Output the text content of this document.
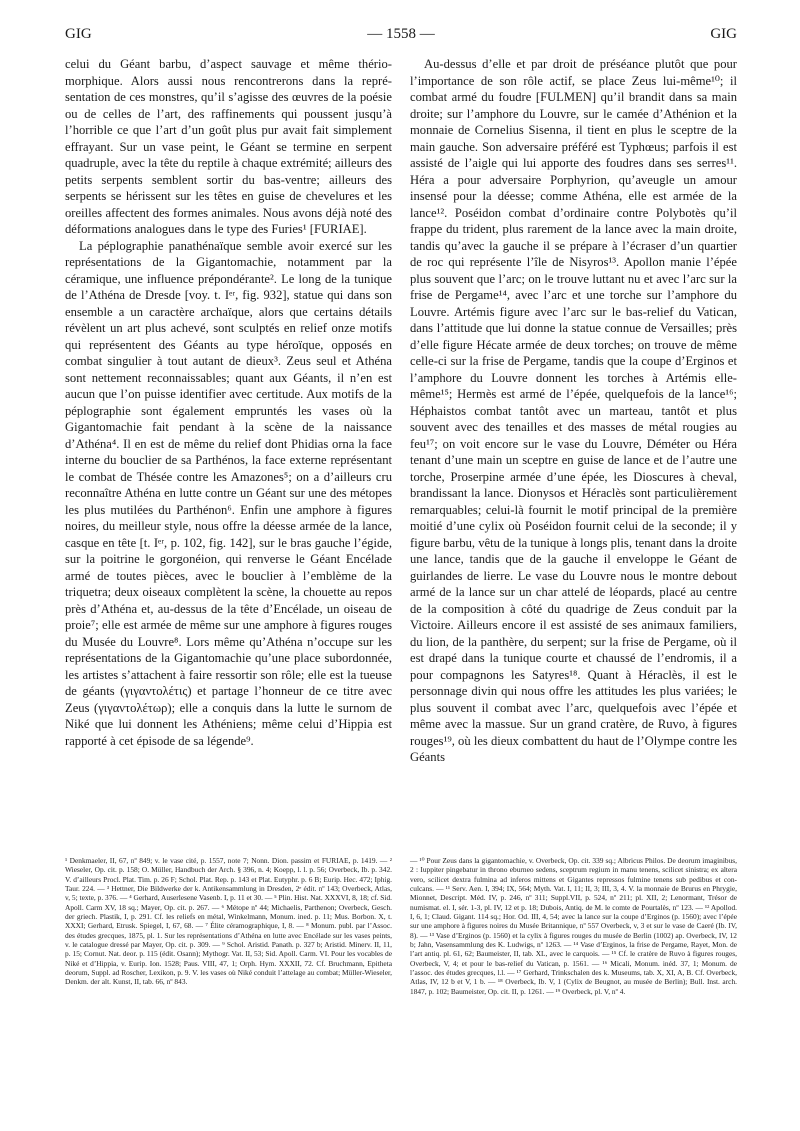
GIG	— 1558 —	GIG

celui du Géant barbu, d’aspect sauvage et même thériomorphique. Alors aussi nous rencontrerons dans la représentation de ces monstres, qu’il s’agisse des œuvres de la poésie ou de celles de l’art, des raffinements qui poussent jusqu’à l’horrible ce que l’art d’un goût plus pur avait fait simplement effrayant. Sur un vase peint, le Géant se termine en serpent quadruple, avec la tête du reptile à chaque extrémité; ailleurs des petits serpents semblent sortir du bas-ventre; ailleurs des serpents se hérissent sur les têtes en guise de chevelures et les oreilles affectent des formes animales. Nous avons déjà noté des déformations analogues dans le type des Furies¹ [FURIAE].

La péplographie panathénaïque semble avoir exercé sur les représentations de la Gigantomachie, notamment par la céramique, une influence prépondérante². Le long de la tunique de l’Athéna de Dresde [voy. t. Iᵉʳ, fig. 932], statue qui dans son ensemble a un caractère archaïque, alors que certains détails révèlent un art plus achevé, sont sculptés en relief onze motifs qui représentent des Géants au type héroïque, opposés en combat singulier à tout autant de dieux³. Zeus seul et Athéna sont nettement reconnaissables; quant aux Géants, il n’en est aucun que l’on puisse identifier avec certitude. Aux motifs de la péplographie sont également empruntés les vases où la Gigantomachie fait pendant à la scène de la naissance d’Athéna⁴. Il en est de même du relief dont Phidias orna la face interne du bouclier de sa Parthénos, la face externe représentant le combat de Thésée contre les Amazones⁵; on a d’ailleurs cru reconnaître Athéna en lutte contre un Géant sur une des métopes les plus mutilées du Parthénon⁶. Enfin une amphore à figures noires, du meilleur style, nous offre la déesse armée de la lance, casque en tête [t. Iᵉʳ, p. 102, fig. 142], sur le bras gauche l’égide, sur la poitrine le gorgonéion, qui renverse le Géant Encélade armé de toutes pièces, avec le bouclier à l’emblème de la triquetra; deux oiseaux complètent la scène, la chouette au repos près d’Athéna et, au-dessus de la tête d’Encélade, un oiseau de proie⁷; elle est armée de même sur une amphore à figures rouges du Musée du Louvre⁸. Lors même qu’Athéna n’occupe sur les représentations de la Gigantomachie qu’une place subordonnée, les artistes s’attachent à faire ressortir son rôle; elle est la tueuse de géants (γιγαντολέτις) et partage l’honneur de ce titre avec Zeus (γιγαντολέτωρ); elle a conquis dans la lutte le surnom de Niké que lui donnent les Athéniens; même celui d’Hippia est rapporté à cet épisode de sa légende⁹.

Au-dessus d’elle et par droit de préséance plutôt que pour l’importance de son rôle actif, se place Zeus lui-même¹⁰; il combat armé du foudre [FULMEN] qu’il brandit dans sa main droite; sur l’amphore du Louvre, sur le camée d’Athénion et la monnaie de Cornelius Sisenna, il tient en plus le sceptre de la main gauche. Son adversaire préféré est Typhœus; parfois il est assisté de l’aigle qui lui apporte des foudres dans ses serres¹¹. Héra a pour adversaire Porphyrion, qu’aveugle un amour insensé pour la déesse; comme Athéna, elle est armée de la lance¹². Poséidon combat d’ordinaire contre Polybotès qu’il frappe du trident, plus rarement de la lance avec la main droite, tandis qu’avec la gauche il se prépare à l’écraser d’un quartier de roc qui représente l’île de Nisyros¹³. Apollon manie l’épée plus souvent que l’arc; on le trouve luttant nu et avec l’arc sur la frise de Pergame¹⁴, avec l’arc et une torche sur l’amphore du Louvre. Artémis figure avec l’arc sur le bas-relief du Vatican, dans l’attitude que lui donne la statue connue de Versailles; près d’elle figure Hécate armée de deux torches; on trouve de même celle-ci sur la frise de Pergame, tandis que la coupe d’Erginos et l’amphore du Louvre donnent les torches à Artémis elle-même¹⁵; Hermès est armé de l’épée, quelquefois de la lance¹⁶; Héphaistos combat tantôt avec un marteau, tantôt et plus souvent avec des tenailles et des masses de métal rougies au feu¹⁷; on voit encore sur le vase du Louvre, Déméter ou Héra tenant d’une main un sceptre en guise de lance et de l’autre une torche, Proserpine armée d’une épée, les Dioscures à cheval, brandissant la lance. Dionysos et Héraclès sont particulièrement remarquables; celui-là fournit le motif principal de la première moitié d’une cylix où Poséidon fournit celui de la seconde; il y figure barbu, vêtu de la tunique à longs plis, tenant dans la droite une lance, tandis que de la gauche il enveloppe le Géant de guirlandes de lierre. Le vase du Louvre nous le montre debout armé de la lance sur un char attelé de léopards, placé au centre de la composition à côté du quadrige de Zeus conduit par la Victoire. Ailleurs encore il est assisté de ses animaux familiers, du lion, de la panthère, du serpent; sur la frise de Pergame, où il est drapé dans la tunique courte et chaussé de l’endromis, il a pour compagnons les Satyres¹⁸. Quant à Héraclès, il est le personnage divin qui nous offre les attitudes les plus variées; le plus souvent il combat avec l’arc, quelquefois avec l’épée et même avec la massue. Sur un grand cratère, de Ruvo, à figures rouges¹⁹, où les dieux combattent du haut de l’Olympe contre les Géants

¹ Denkmaeler, II, 67, nº 849; v. le vase cité, p. 1557, note 7; Nonn. Dion. passim et FURIAE, p. 1419. — ² Wieseler, Op. cit. p. 158; O. Müller, Handbuch der Arch. § 396, n. 4; Koepp, l. l. p. 56; Overbeck, Ib. p. 342. V. d’ailleurs Procl. Plat. Tim. p. 26 F; Schol. Plat. Rep. p. 143 et Plat. Eutyphr. p. 6 B; Eurip. Hec. 472; Iphig. Taur. 224. — ³ Hettner, Die Bildwerke der k. Antikensammlung in Dresden, 2ᵉ édit. nº 143; Overbeck, Atlas, v, 5; texte, p. 376. — ⁴ Gerhard, Auserlesene Vasenb. I, p. 11 et 30. — ⁵ Plin. Hist. Nat. XXXVI, 8, 18; cf. Sid. Apoll. Carm XV, 18 sq.; Mayer, Op. cit. p. 267. — ⁶ Métope nº 44; Michaelis, Parthenon; Overbeck, Gesch. der griech. Plastik, I, p. 291. Cf. les reliefs en métal, Winkelmann, Monum. ined. p. 11; Mus. Borbon. X, t. XXXI; Gerhard, Etrusk. Spiegel, I, 67, 68. — ⁷ Élite céramographique, I, 8. — ⁸ Monum. publ. par l’Assoc. des études grecques, 1875, pl. 1. Sur les représentations d’Athéna en lutte avec Encélade sur les vases peints, v. le catalogue dressé par Mayer, Op. cit. p. 309. — ⁹ Schol. Aristid. Panath. p. 327 b; Aristid. Minerv. II, 11, p. 15; Cornut. Nat. deor. p. 115 (édit. Osann); Mythogr. Vat. II, 53; Sid. Apoll. Carm. VI. Pour les vocables de Niké et d’Hippia, v. Eurip. Ion. 1528; Paus. VIII, 47, 1; Orph. Hym. XXXII, 72. Cf. Bruchmann, Epitheta deorum, Suppl. ad Roscher, Lexikon, p. 9. V. les vases où Niké conduit l’attelage au combat; Müller-Wieseler, Denkm. der alt. Kunst, II, tab. 66, nº 843.

— ¹⁰ Pour Zeus dans la gigantomachie, v. Overbeck, Op. cit. 339 sq.; Albricus Philos. De deorum imaginibus, 2 : Iuppiter pingebatur in throno eburneo sedens, sceptrum regium in manu tenens, scilicet sinistra; ex altera vero, scilicet dextra fulmina ad inferos mittens et Gigantes repressos fulmine tenens sub pedibus et conculcans. — ¹¹ Serv. Aen. I, 394; IX, 564; Myth. Vat. I, 11; II, 3; III, 3, 4. V. la monnaie de Brurus en Phrygie, Mionnet, Descript. Méd. IV, p. 246, nº 311; Suppl.VII, p. 524, nº 211; pl. XII, 2; Lenormant, Trésor de numismat. el. I, sér. 1-3, pl. IV, 12 et p. 18; Dubois, Antiq. de M. le comte de Pourtalès, nº 123. — ¹² Apollod. I, 6, 1; Claud. Gigant. 114 sq.; Hor. Od. III, 4, 54; avec la lance sur la coupe d’Erginos (p. 1560); avec l’épée sur une amphore à figures noires du Musée Britannique, nº 557 Overbeck, v, 3 et sur le vase de Caeré (Ib. IV, 8). — ¹³ Vase d’Erginos (p. 1560) et la cylix à figures rouges du musée de Berlin (1002) ap. Overbeck, IV, 12 b; Jahn, Vasensammlung des K. Ludwigs, nº 1263. — ¹⁴ Vase d’Erginos, la frise de Pergame, Rayet, Mon. de l’art antiq. pl. 61, 62; Baumeister, II, tab. XL, avec le carquois. — ¹⁵ Cf. le cratère de Ruvo à figures rouges, Overbeck, V, 4; et pour le bas-relief du Vatican, p. 1561. — ¹⁶ Micali, Monum. inéd. 37, 1; Monum. de l’assoc. des études grecques, l.l. — ¹⁷ Gerhard, Trinkschalen des k. Museums, tab. X, XI, A, B. Cf. Overbeck, Atlas, IV, 12 b et V, 1 b. — ¹⁸ Overbeck, Ib. V, 1 (Cylix de Beugnot, au musée de Berlin); Bull. Inst. arch. 1847, p. 102; Baumeister, Op. cit. II, p. 1261. — ¹⁹ Overbeck, pl. V, nº 4.
